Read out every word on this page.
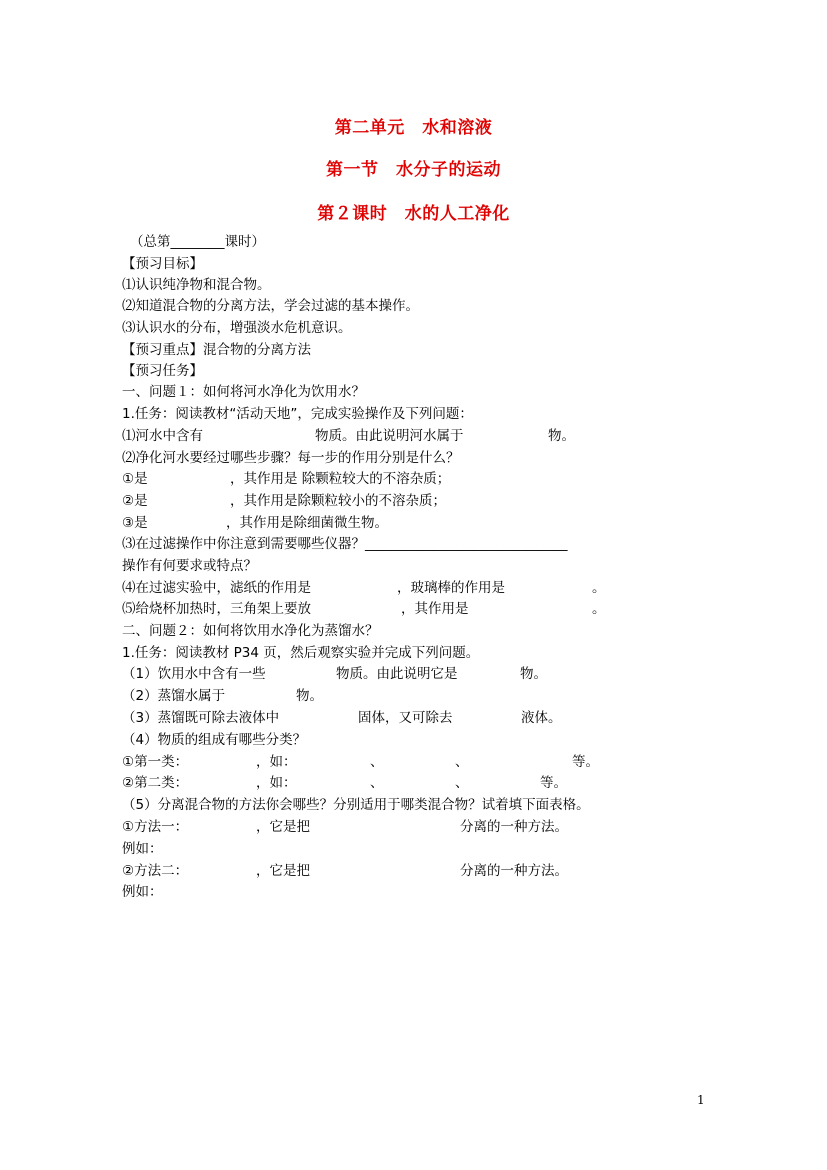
第二单元　水和溶液
第一节　水分子的运动
第２课时　水的人工净化
（总第________课时）
【预习目标】
⑴认识纯净物和混合物。
⑵知道混合物的分离方法，学会过滤的基本操作。
⑶认识水的分布，增强淡水危机意识。
【预习重点】混合物的分离方法
【预习任务】
一、问题１：如何将河水净化为饮用水？
1.任务：阅读教材“活动天地”，完成实验操作及下列问题：
⑴河水中含有	物质。由此说明河水属于	物。
⑵净化河水要经过哪些步骤？每一步的作用分别是什么？
①是	，其作用是 除颗粒较大的不溶杂质；
②是	，其作用是除颗粒较小的不溶杂质；
③是	，其作用是除细菌微生物。
⑶在过滤操作中你注意到需要哪些仪器？______________________________
操作有何要求或特点？
⑷在过滤实验中，滤纸的作用是	，玻璃棒的作用是	。
⑸给烧杯加热时，三角架上要放	，其作用是	。
二、问题２：如何将饮用水净化为蒸馏水？
1.任务：阅读教材 P34 页，然后观察实验并完成下列问题。
（1）饮用水中含有一些	物质。由此说明它是	物。
（2）蒸馏水属于	物。
（3）蒸馏既可除去液体中	固体，又可除去	液体。
（4）物质的组成有哪些分类？
①第一类：	，如：	、	、	等。
②第二类：	，如：	、	、	等。
（5）分离混合物的方法你会哪些？分别适用于哪类混合物？试着填下面表格。
①方法一：	，它是把	分离的一种方法。
例如：
②方法二：	，它是把	分离的一种方法。
例如：
1
